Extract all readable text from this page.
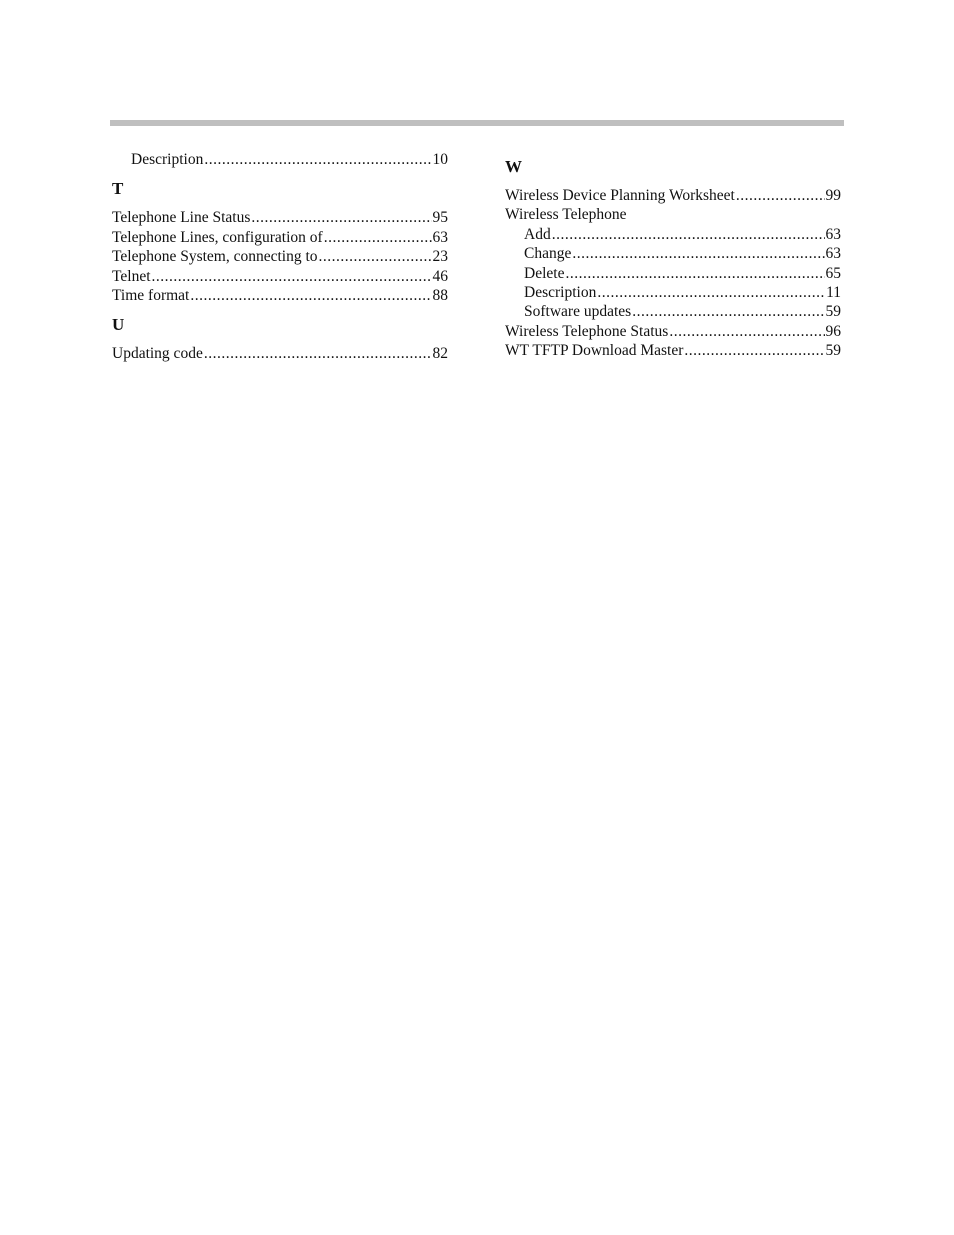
Description .....	10
T
Telephone Line Status .....	95
Telephone Lines, configuration of .....	63
Telephone System, connecting to .....	23
Telnet .....	46
Time format .....	88
U
Updating code .....	82
W
Wireless Device Planning Worksheet .....	99
Wireless Telephone
Add .....	63
Change .....	63
Delete .....	65
Description .....	11
Software updates .....	59
Wireless Telephone Status .....	96
WT TFTP Download Master .....	59
